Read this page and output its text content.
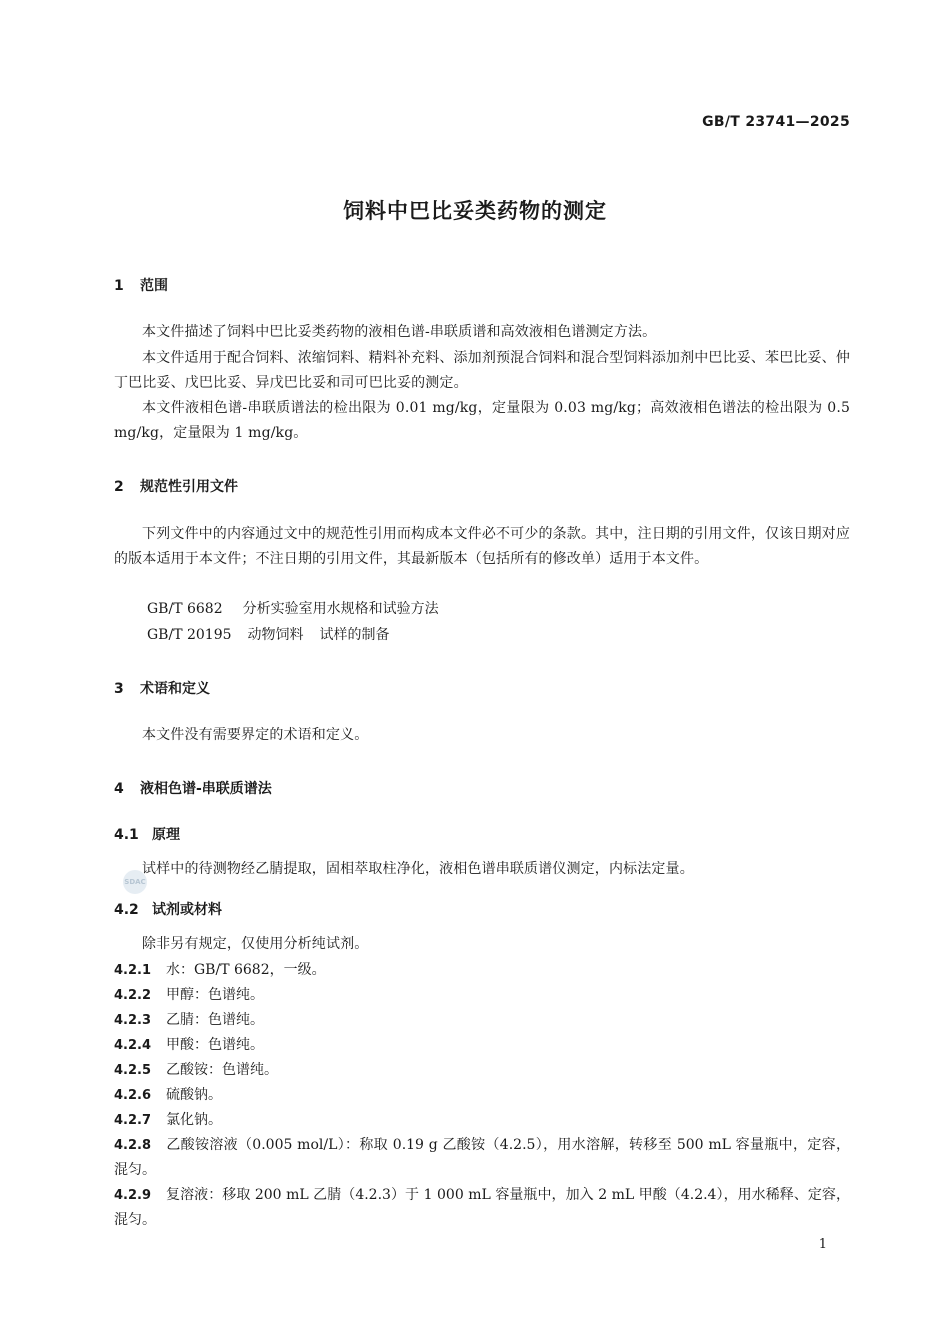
GB/T 23741—2025
饲料中巴比妥类药物的测定
SDAC
1 范围

本文件描述了饲料中巴比妥类药物的液相色谱-串联质谱和高效液相色谱测定方法。

本文件适用于配合饲料、浓缩饲料、精料补充料、添加剂预混合饲料和混合型饲料添加剂中巴比妥、苯巴比妥、仲丁巴比妥、戊巴比妥、异戊巴比妥和司可巴比妥的测定。

本文件液相色谱-串联质谱法的检出限为 0.01 mg/kg，定量限为 0.03 mg/kg；高效液相色谱法的检出限为 0.5 mg/kg，定量限为 1 mg/kg。

2 规范性引用文件

下列文件中的内容通过文中的规范性引用而构成本文件必不可少的条款。其中，注日期的引用文件，仅该日期对应的版本适用于本文件；不注日期的引用文件，其最新版本（包括所有的修改单）适用于本文件。

GB/T 6682 分析实验室用水规格和试验方法

GB/T 20195 动物饲料 试样的制备

3 术语和定义

本文件没有需要界定的术语和定义。

4 液相色谱-串联质谱法
4.1 原理

试样中的待测物经乙腈提取，固相萃取柱净化，液相色谱串联质谱仪测定，内标法定量。

4.2 试剂或材料

除非另有规定，仅使用分析纯试剂。

4.2.1 水：GB/T 6682，一级。

4.2.2 甲醇：色谱纯。

4.2.3 乙腈：色谱纯。

4.2.4 甲酸：色谱纯。

4.2.5 乙酸铵：色谱纯。

4.2.6 硫酸钠。

4.2.7 氯化钠。

4.2.8 乙酸铵溶液（0.005 mol/L）：称取 0.19 g 乙酸铵（4.2.5），用水溶解，转移至 500 mL 容量瓶中，定容，混匀。

4.2.9 复溶液：移取 200 mL 乙腈（4.2.3）于 1 000 mL 容量瓶中，加入 2 mL 甲酸（4.2.4），用水稀释、定容，混匀。

1
